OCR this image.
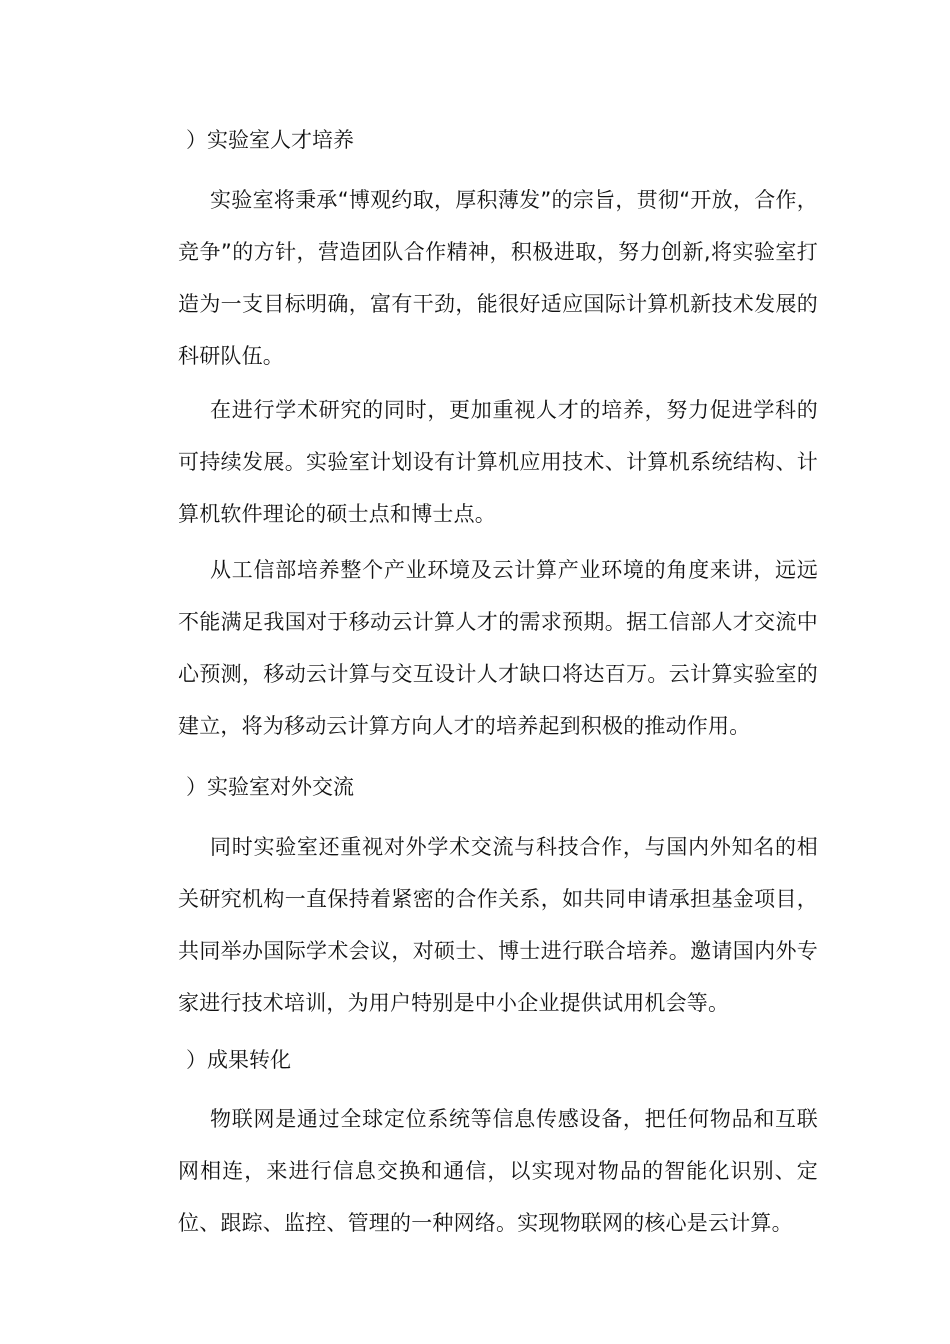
）实验室人才培养

实验室将秉承“博观约取，厚积薄发”的宗旨，贯彻“开放，合作，竞争”的方针，营造团队合作精神，积极进取，努力创新,将实验室打造为一支目标明确，富有干劲，能很好适应国际计算机新技术发展的科研队伍。

在进行学术研究的同时，更加重视人才的培养，努力促进学科的可持续发展。实验室计划设有计算机应用技术、计算机系统结构、计算机软件理论的硕士点和博士点。

从工信部培养整个产业环境及云计算产业环境的角度来讲，远远不能满足我国对于移动云计算人才的需求预期。据工信部人才交流中心预测，移动云计算与交互设计人才缺口将达百万。云计算实验室的建立，将为移动云计算方向人才的培养起到积极的推动作用。

）实验室对外交流

同时实验室还重视对外学术交流与科技合作，与国内外知名的相关研究机构一直保持着紧密的合作关系，如共同申请承担基金项目，共同举办国际学术会议，对硕士、博士进行联合培养。邀请国内外专家进行技术培训，为用户特别是中小企业提供试用机会等。

）成果转化

物联网是通过全球定位系统等信息传感设备，把任何物品和互联网相连，来进行信息交换和通信，以实现对物品的智能化识别、定位、跟踪、监控、管理的一种网络。实现物联网的核心是云计算。
